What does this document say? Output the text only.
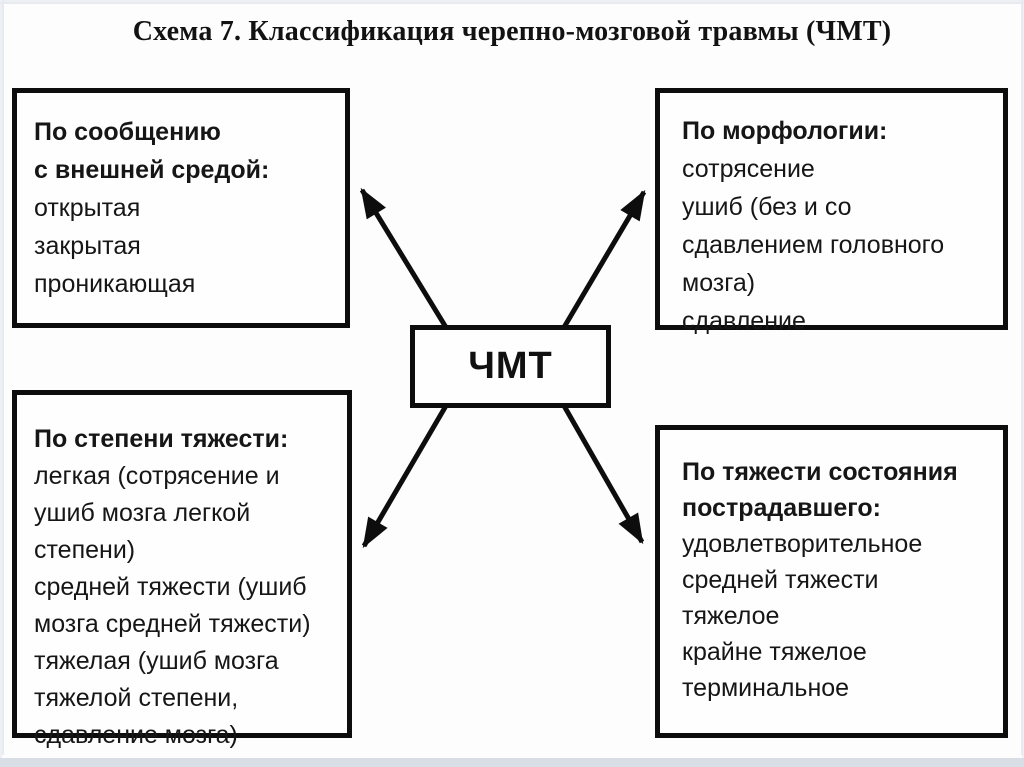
Схема 7. Классификация черепно-мозговой травмы (ЧМТ)
По сообщению
с внешней средой:
открытая
закрытая
проникающая
По морфологии:
сотрясение
ушиб (без и со сдавлением головного мозга)
сдавление
ЧМТ
По степени тяжести:
легкая (сотрясение и ушиб мозга легкой степени)
средней тяжести (ушиб мозга средней тяжести)
тяжелая (ушиб мозга тяжелой степени, сдавление мозга)
По тяжести состояния
пострадавшего:
удовлетворительное
средней тяжести
тяжелое
крайне тяжелое
терминальное
